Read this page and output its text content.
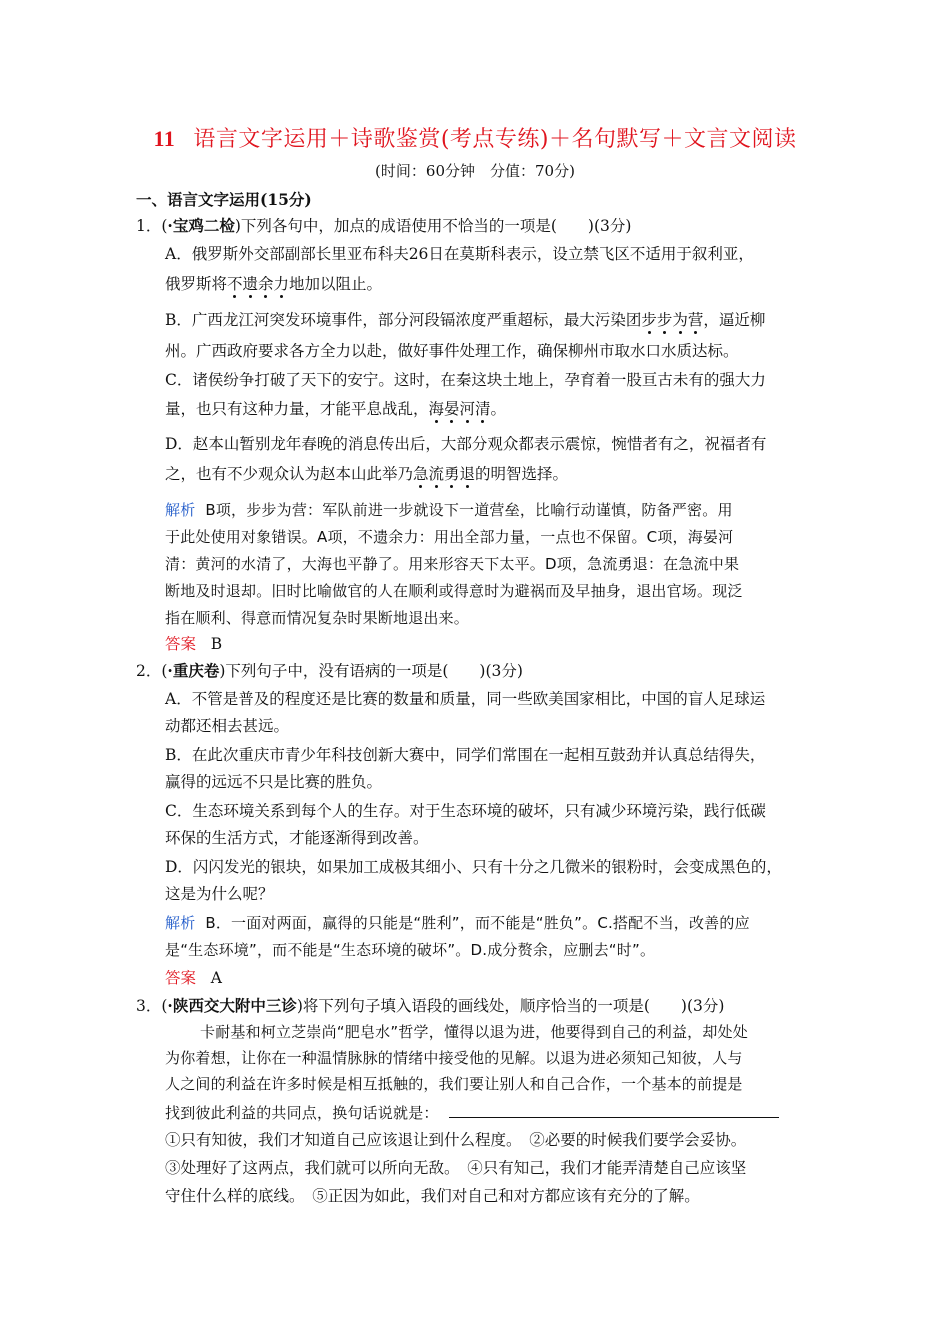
11 语言文字运用＋诗歌鉴赏(考点专练)＋名句默写＋文言文阅读
(时间：60分钟　分值：70分)
一、语言文字运用(15分)
1．(·宝鸡二检)下列各句中，加点的成语使用不恰当的一项是(　　)(3分)
A．俄罗斯外交部副部长里亚布科夫26日在莫斯科表示，设立禁飞区不适用于叙利亚，
俄罗斯将不遗余力
地加以阻止。
B．广西龙江河突发环境事件，部分河段镉浓度严重超标，最大污染团步步为营
，逼近柳
州。广西政府要求各方全力以赴，做好事件处理工作，确保柳州市取水口水质达标。
C．诸侯纷争打破了天下的安宁。这时，在秦这块土地上，孕育着一股亘古未有的强大力
量，也只有这种力量，才能平息战乱，海晏河清
。
D．赵本山暂别龙年春晚的消息传出后，大部分观众都表示震惊，惋惜者有之，祝福者有
之，也有不少观众认为赵本山此举乃急流勇退
的明智选择。
解析 B项，步步为营：军队前进一步就设下一道营垒，比喻行动谨慎，防备严密。用
于此处使用对象错误。A项，不遗余力：用出全部力量，一点也不保留。C项，海晏河
清：黄河的水清了，大海也平静了。用来形容天下太平。D项，急流勇退：在急流中果
断地及时退却。旧时比喻做官的人在顺利或得意时为避祸而及早抽身，退出官场。现泛
指在顺利、得意而情况复杂时果断地退出来。
答案 B
2．(·重庆卷)下列句子中，没有语病的一项是(　　)(3分)
A．不管是普及的程度还是比赛的数量和质量，同一些欧美国家相比，中国的盲人足球运
动都还相去甚远。
B．在此次重庆市青少年科技创新大赛中，同学们常围在一起相互鼓劲并认真总结得失，
赢得的远远不只是比赛的胜负。
C．生态环境关系到每个人的生存。对于生态环境的破坏，只有减少环境污染，践行低碳
环保的生活方式，才能逐渐得到改善。
D．闪闪发光的银块，如果加工成极其细小、只有十分之几微米的银粉时，会变成黑色的，
这是为什么呢？
解析 B．一面对两面，赢得的只能是“胜利”，而不能是“胜负”。C.搭配不当，改善的应
是“生态环境”，而不能是“生态环境的破坏”。D.成分赘余，应删去“时”。
答案 A
3．(·陕西交大附中三诊)将下列句子填入语段的画线处，顺序恰当的一项是(　　)(3分)
卡耐基和柯立芝崇尚“肥皂水”哲学，懂得以退为进，他要得到自己的利益，却处处
为你着想，让你在一种温情脉脉的情绪中接受他的见解。以退为进必须知己知彼，人与
人之间的利益在许多时候是相互抵触的，我们要让别人和自己合作，一个基本的前提是
找到彼此利益的共同点，换句话说就是：
①只有知彼，我们才知道自己应该退让到什么程度。　②必要的时候我们要学会妥协。
③处理好了这两点，我们就可以所向无敌。　④只有知己，我们才能弄清楚自己应该坚
守住什么样的底线。　⑤正因为如此，我们对自己和对方都应该有充分的了解。
